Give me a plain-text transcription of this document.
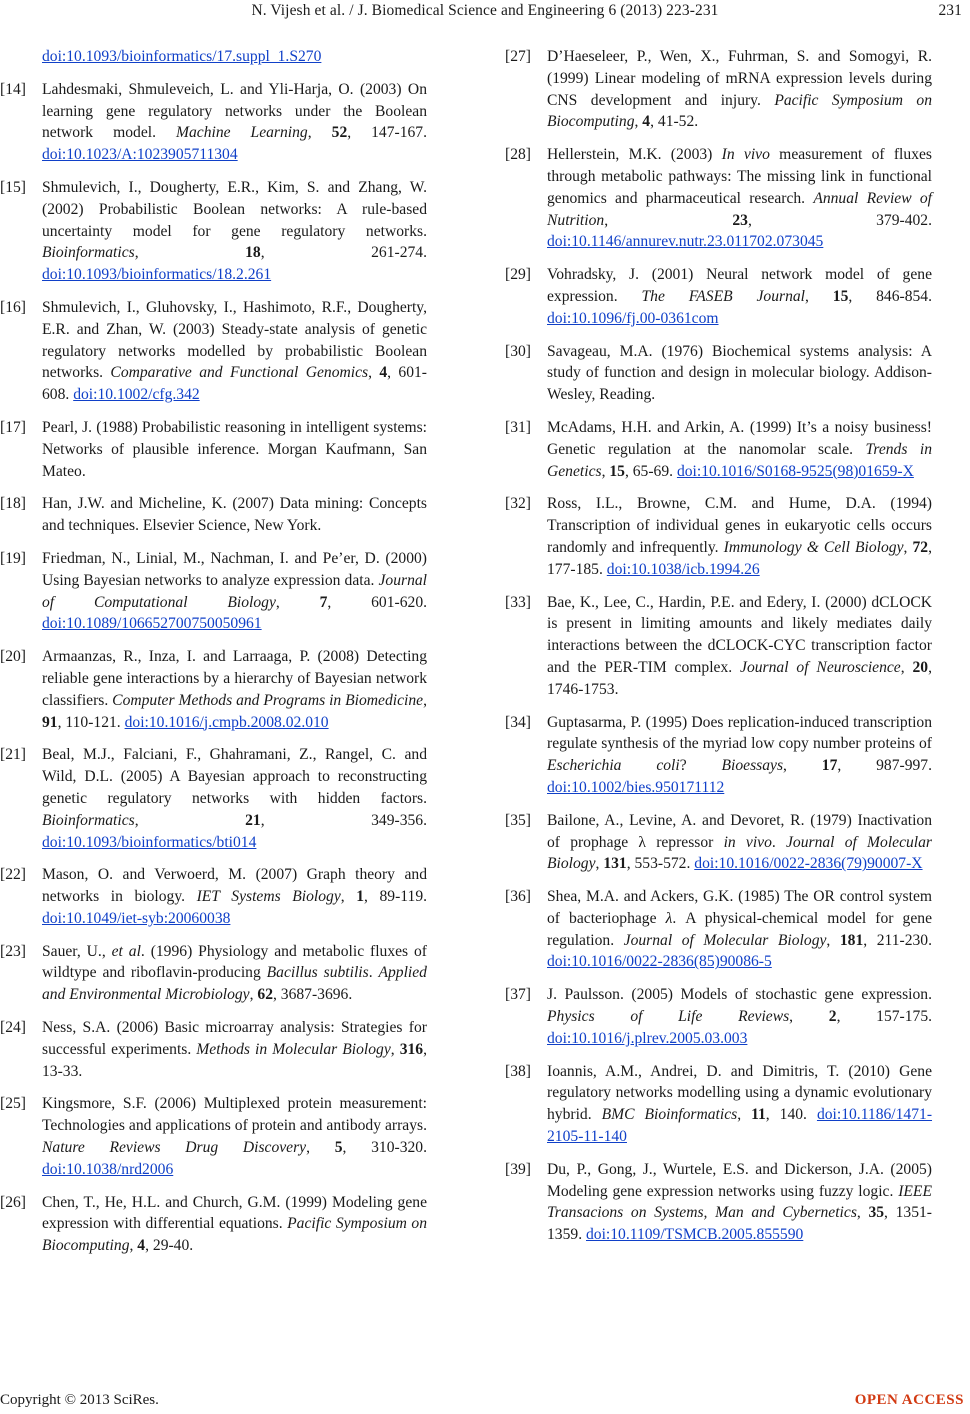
N. Vijesh et al. / J. Biomedical Science and Engineering 6 (2013) 223-231	231
doi:10.1093/bioinformatics/17.suppl_1.S270
[14] Lahdesmaki, Shmuleveich, L. and Yli-Harja, O. (2003) On learning gene regulatory networks under the Boolean network model. Machine Learning, 52, 147-167. doi:10.1023/A:1023905711304
[15] Shmulevich, I., Dougherty, E.R., Kim, S. and Zhang, W. (2002) Probabilistic Boolean networks: A rule-based uncertainty model for gene regulatory networks. Bioinformatics, 18, 261-274. doi:10.1093/bioinformatics/18.2.261
[16] Shmulevich, I., Gluhovsky, I., Hashimoto, R.F., Dougherty, E.R. and Zhan, W. (2003) Steady-state analysis of genetic regulatory networks modelled by probabilistic Boolean networks. Comparative and Functional Genomics, 4, 601-608. doi:10.1002/cfg.342
[17] Pearl, J. (1988) Probabilistic reasoning in intelligent systems: Networks of plausible inference. Morgan Kaufmann, San Mateo.
[18] Han, J.W. and Micheline, K. (2007) Data mining: Concepts and techniques. Elsevier Science, New York.
[19] Friedman, N., Linial, M., Nachman, I. and Pe’er, D. (2000) Using Bayesian networks to analyze expression data. Journal of Computational Biology, 7, 601-620. doi:10.1089/106652700750050961
[20] Armaanzas, R., Inza, I. and Larraaga, P. (2008) Detecting reliable gene interactions by a hierarchy of Bayesian network classifiers. Computer Methods and Programs in Biomedicine, 91, 110-121. doi:10.1016/j.cmpb.2008.02.010
[21] Beal, M.J., Falciani, F., Ghahramani, Z., Rangel, C. and Wild, D.L. (2005) A Bayesian approach to reconstructing genetic regulatory networks with hidden factors. Bioinformatics, 21, 349-356. doi:10.1093/bioinformatics/bti014
[22] Mason, O. and Verwoerd, M. (2007) Graph theory and networks in biology. IET Systems Biology, 1, 89-119. doi:10.1049/iet-syb:20060038
[23] Sauer, U., et al. (1996) Physiology and metabolic fluxes of wildtype and riboflavin-producing Bacillus subtilis. Applied and Environmental Microbiology, 62, 3687-3696.
[24] Ness, S.A. (2006) Basic microarray analysis: Strategies for successful experiments. Methods in Molecular Biology, 316, 13-33.
[25] Kingsmore, S.F. (2006) Multiplexed protein measurement: Technologies and applications of protein and antibody arrays. Nature Reviews Drug Discovery, 5, 310-320. doi:10.1038/nrd2006
[26] Chen, T., He, H.L. and Church, G.M. (1999) Modeling gene expression with differential equations. Pacific Symposium on Biocomputing, 4, 29-40.
[27] D’Haeseleer, P., Wen, X., Fuhrman, S. and Somogyi, R. (1999) Linear modeling of mRNA expression levels during CNS development and injury. Pacific Symposium on Biocomputing, 4, 41-52.
[28] Hellerstein, M.K. (2003) In vivo measurement of fluxes through metabolic pathways: The missing link in functional genomics and pharmaceutical research. Annual Review of Nutrition, 23, 379-402. doi:10.1146/annurev.nutr.23.011702.073045
[29] Vohradsky, J. (2001) Neural network model of gene expression. The FASEB Journal, 15, 846-854. doi:10.1096/fj.00-0361com
[30] Savageau, M.A. (1976) Biochemical systems analysis: A study of function and design in molecular biology. Addison-Wesley, Reading.
[31] McAdams, H.H. and Arkin, A. (1999) It’s a noisy business! Genetic regulation at the nanomolar scale. Trends in Genetics, 15, 65-69. doi:10.1016/S0168-9525(98)01659-X
[32] Ross, I.L., Browne, C.M. and Hume, D.A. (1994) Transcription of individual genes in eukaryotic cells occurs randomly and infrequently. Immunology & Cell Biology, 72, 177-185. doi:10.1038/icb.1994.26
[33] Bae, K., Lee, C., Hardin, P.E. and Edery, I. (2000) dCLOCK is present in limiting amounts and likely mediates daily interactions between the dCLOCK-CYC transcription factor and the PER-TIM complex. Journal of Neuroscience, 20, 1746-1753.
[34] Guptasarma, P. (1995) Does replication-induced transcription regulate synthesis of the myriad low copy number proteins of Escherichia coli? Bioessays, 17, 987-997. doi:10.1002/bies.950171112
[35] Bailone, A., Levine, A. and Devoret, R. (1979) Inactivation of prophage λ repressor in vivo. Journal of Molecular Biology, 131, 553-572. doi:10.1016/0022-2836(79)90007-X
[36] Shea, M.A. and Ackers, G.K. (1985) The OR control system of bacteriophage λ. A physical-chemical model for gene regulation. Journal of Molecular Biology, 181, 211-230. doi:10.1016/0022-2836(85)90086-5
[37] J. Paulsson. (2005) Models of stochastic gene expression. Physics of Life Reviews, 2, 157-175. doi:10.1016/j.plrev.2005.03.003
[38] Ioannis, A.M., Andrei, D. and Dimitris, T. (2010) Gene regulatory networks modelling using a dynamic evolutionary hybrid. BMC Bioinformatics, 11, 140. doi:10.1186/1471-2105-11-140
[39] Du, P., Gong, J., Wurtele, E.S. and Dickerson, J.A. (2005) Modeling gene expression networks using fuzzy logic. IEEE Transacions on Systems, Man and Cybernetics, 35, 1351-1359. doi:10.1109/TSMCB.2005.855590
Copyright © 2013 SciRes.	OPEN ACCESS
